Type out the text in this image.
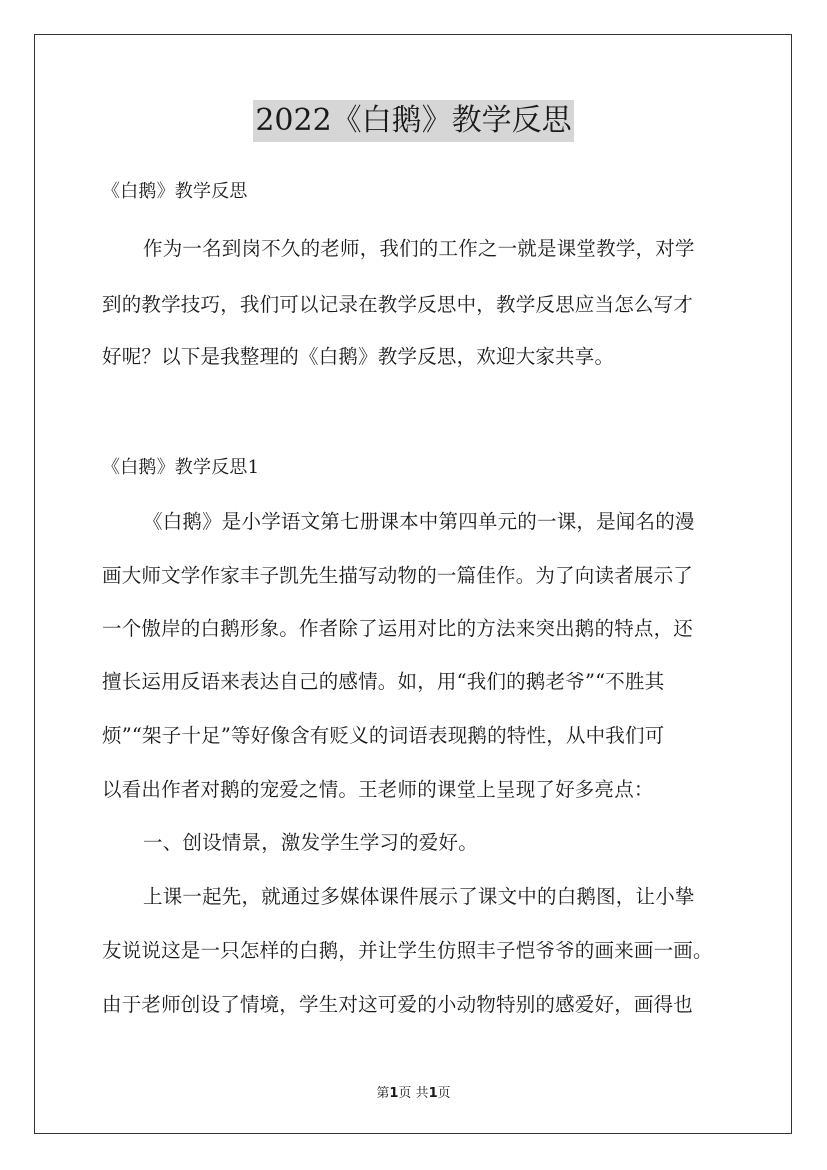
2022《白鹅》教学反思
《白鹅》教学反思
作为一名到岗不久的老师，我们的工作之一就是课堂教学，对学
到的教学技巧，我们可以记录在教学反思中，教学反思应当怎么写才
好呢？以下是我整理的《白鹅》教学反思，欢迎大家共享。
《白鹅》教学反思1
《白鹅》是小学语文第七册课本中第四单元的一课，是闻名的漫
画大师文学作家丰子凯先生描写动物的一篇佳作。为了向读者展示了
一个傲岸的白鹅形象。作者除了运用对比的方法来突出鹅的特点，还
擅长运用反语来表达自己的感情。如，用“我们的鹅老爷”“不胜其
烦”“架子十足”等好像含有贬义的词语表现鹅的特性，从中我们可
以看出作者对鹅的宠爱之情。王老师的课堂上呈现了好多亮点：
一、创设情景，激发学生学习的爱好。
上课一起先，就通过多媒体课件展示了课文中的白鹅图，让小挚
友说说这是一只怎样的白鹅，并让学生仿照丰子恺爷爷的画来画一画。
由于老师创设了情境，学生对这可爱的小动物特别的感爱好，画得也
第1页 共1页
